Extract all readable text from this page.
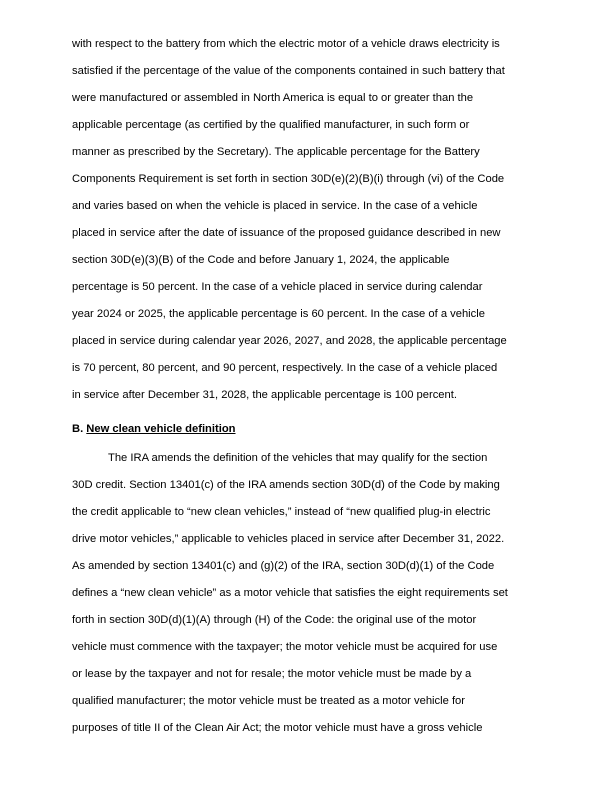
with respect to the battery from which the electric motor of a vehicle draws electricity is

satisfied if the percentage of the value of the components contained in such battery that

were manufactured or assembled in North America is equal to or greater than the

applicable percentage (as certified by the qualified manufacturer, in such form or

manner as prescribed by the Secretary). The applicable percentage for the Battery

Components Requirement is set forth in section 30D(e)(2)(B)(i) through (vi) of the Code

and varies based on when the vehicle is placed in service. In the case of a vehicle

placed in service after the date of issuance of the proposed guidance described in new

section 30D(e)(3)(B) of the Code and before January 1, 2024, the applicable

percentage is 50 percent. In the case of a vehicle placed in service during calendar

year 2024 or 2025, the applicable percentage is 60 percent. In the case of a vehicle

placed in service during calendar year 2026, 2027, and 2028, the applicable percentage

is 70 percent, 80 percent, and 90 percent, respectively. In the case of a vehicle placed

in service after December 31, 2028, the applicable percentage is 100 percent.

B. New clean vehicle definition

The IRA amends the definition of the vehicles that may qualify for the section

30D credit. Section 13401(c) of the IRA amends section 30D(d) of the Code by making

the credit applicable to “new clean vehicles,” instead of “new qualified plug-in electric

drive motor vehicles,” applicable to vehicles placed in service after December 31, 2022.

As amended by section 13401(c) and (g)(2) of the IRA, section 30D(d)(1) of the Code

defines a “new clean vehicle” as a motor vehicle that satisfies the eight requirements set

forth in section 30D(d)(1)(A) through (H) of the Code: the original use of the motor

vehicle must commence with the taxpayer; the motor vehicle must be acquired for use

or lease by the taxpayer and not for resale; the motor vehicle must be made by a

qualified manufacturer; the motor vehicle must be treated as a motor vehicle for

purposes of title II of the Clean Air Act; the motor vehicle must have a gross vehicle
